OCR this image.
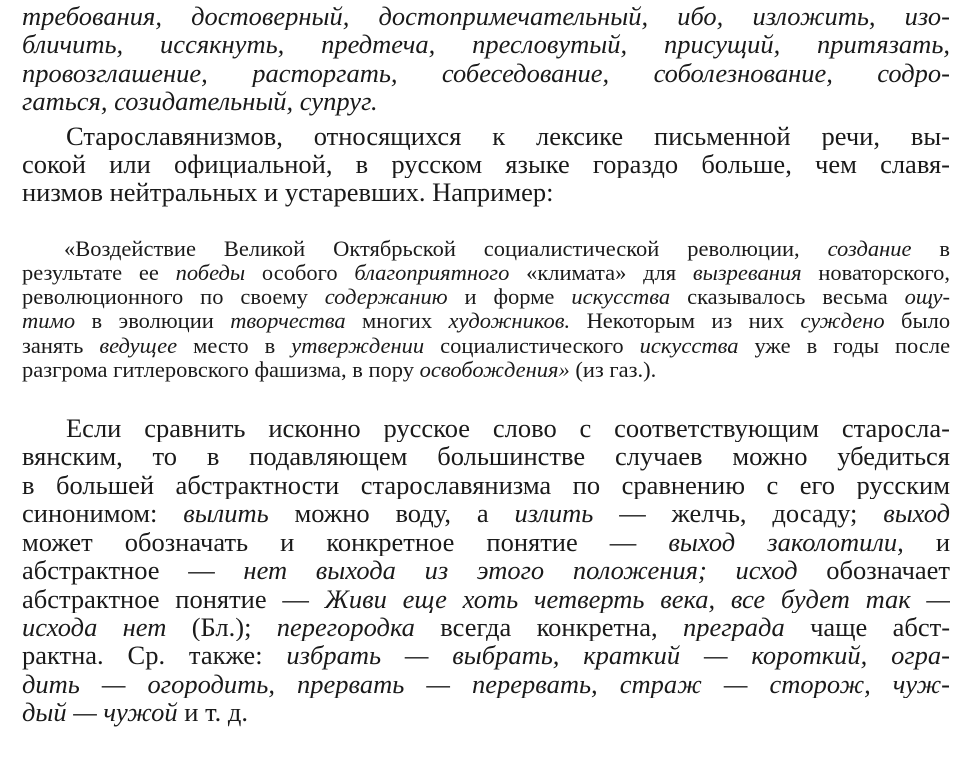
требования, достоверный, достопримечательный, ибо, изложить, изо-
бличить, иссякнуть, предтеча, пресловутый, присущий, притязать,
провозглашение, расторгать, собеседование, соболезнование, содро-
гаться, созидательный, супруг.
Старославянизмов, относящихся к лексике письменной речи, вы-
сокой или официальной, в русском языке гораздо больше, чем славя-
низмов нейтральных и устаревших. Например:
«Воздействие Великой Октябрьской социалистической революции, создание в
результате ее победы особого благоприятного «климата» для вызревания новаторского,
революционного по своему содержанию и форме искусства сказывалось весьма ощу-
тимо в эволюции творчества многих художников. Некоторым из них суждено было
занять ведущее место в утверждении социалистического искусства уже в годы после
разгрома гитлеровского фашизма, в пору освобождения» (из газ.).
Если сравнить исконно русское слово с соответствующим старосла-
вянским, то в подавляющем большинстве случаев можно убедиться
в большей абстрактности старославянизма по сравнению с его русским
синонимом: вылить можно воду, а излить — желчь, досаду; выход
может обозначать и конкретное понятие — выход заколотили, и
абстрактное — нет выхода из этого положения; исход обозначает
абстрактное понятие — Живи еще хоть четверть века, все будет так —
исхода нет (Бл.); перегородка всегда конкретна, преграда чаще абст-
рактна. Ср. также: избрать — выбрать, краткий — короткий, огра-
дить — огородить, прервать — перервать, страж — сторож, чуж-
дый — чужой и т. д.
